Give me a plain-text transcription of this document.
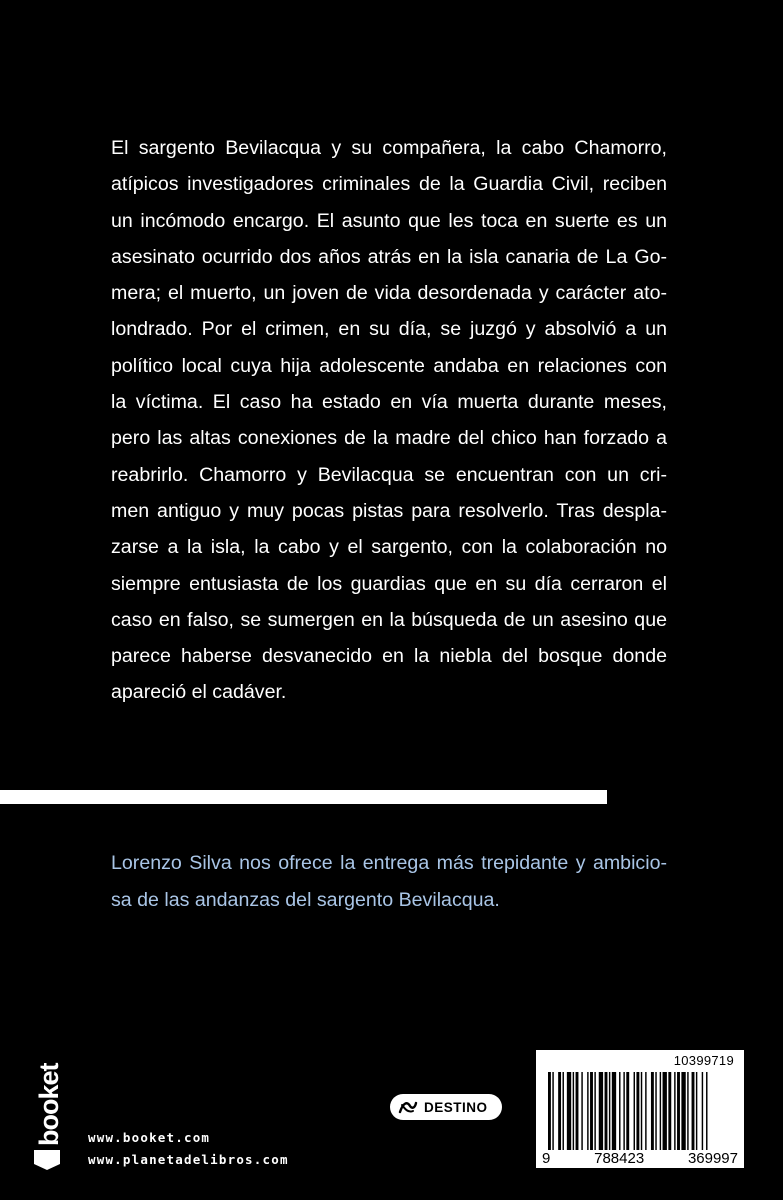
El sargento Bevilacqua y su compañera, la cabo Chamorro,
atípicos investigadores criminales de la Guardia Civil, reciben
un incómodo encargo. El asunto que les toca en suerte es un
asesinato ocurrido dos años atrás en la isla canaria de La Go-
mera; el muerto, un joven de vida desordenada y carácter ato-
londrado. Por el crimen, en su día, se juzgó y absolvió a un
político local cuya hija adolescente andaba en relaciones con
la víctima. El caso ha estado en vía muerta durante meses,
pero las altas conexiones de la madre del chico han forzado a
reabrirlo. Chamorro y Bevilacqua se encuentran con un cri-
men antiguo y muy pocas pistas para resolverlo. Tras despla-
zarse a la isla, la cabo y el sargento, con la colaboración no
siempre entusiasta de los guardias que en su día cerraron el
caso en falso, se sumergen en la búsqueda de un asesino que
parece haberse desvanecido en la niebla del bosque donde
apareció el cadáver.
Lorenzo Silva nos ofrece la entrega más trepidante y ambicio-
sa de las andanzas del sargento Bevilacqua.
booket www.booket.com
www.planetadelibros.com
DESTINO
10399719
9	788423	369997
